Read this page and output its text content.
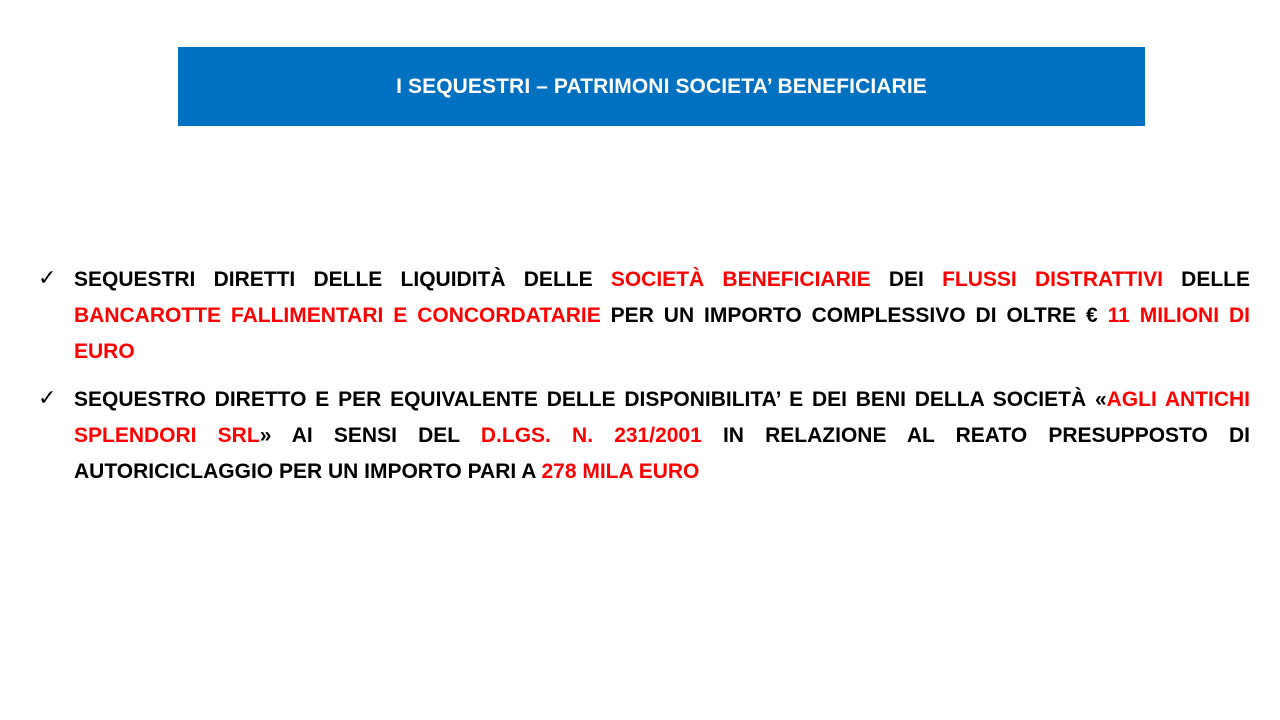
I SEQUESTRI – PATRIMONI SOCIETA’ BENEFICIARIE
✓ SEQUESTRI DIRETTI DELLE LIQUIDITÀ DELLE SOCIETÀ BENEFICIARIE DEI FLUSSI DISTRATTIVI DELLE BANCAROTTE FALLIMENTARI E CONCORDATARIE PER UN IMPORTO COMPLESSIVO DI OLTRE € 11 MILIONI DI EURO
✓ SEQUESTRO DIRETTO E PER EQUIVALENTE DELLE DISPONIBILITA’ E DEI BENI DELLA SOCIETÀ «AGLI ANTICHI SPLENDORI SRL» AI SENSI DEL D.LGS. N. 231/2001 IN RELAZIONE AL REATO PRESUPPOSTO DI AUTORICICLAGGIO PER UN IMPORTO PARI A 278 MILA EURO
